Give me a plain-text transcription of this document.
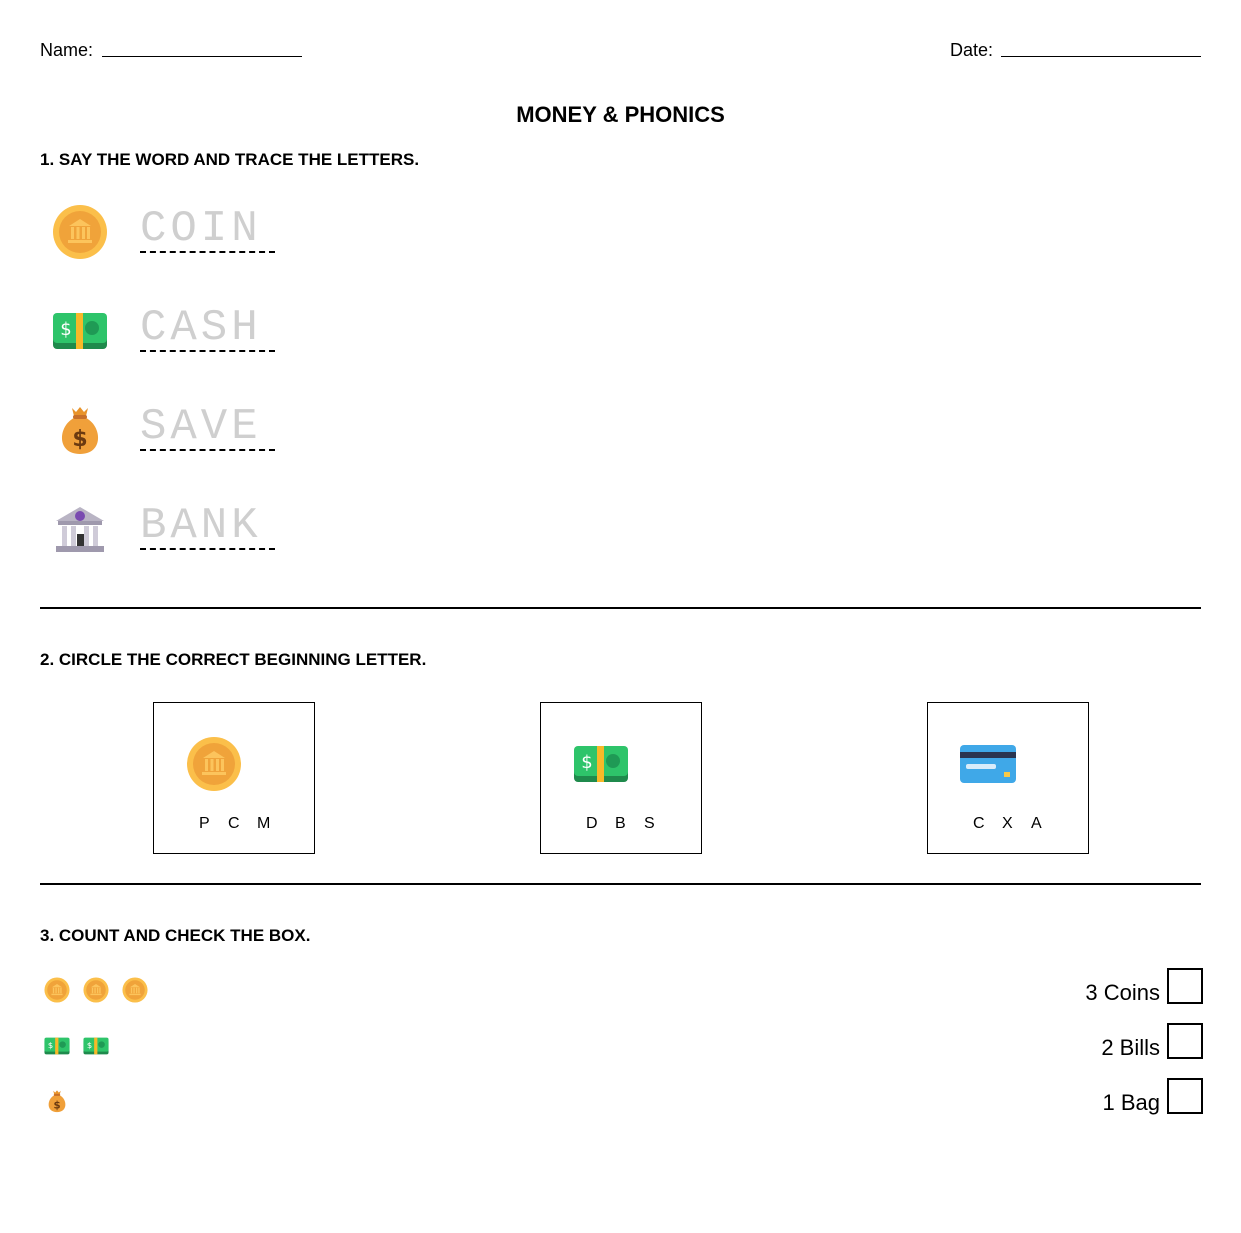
Name:	Date:
MONEY & PHONICS
1. SAY THE WORD AND TRACE THE LETTERS.
COIN
CASH
SAVE
BANK
2. CIRCLE THE CORRECT BEGINNING LETTER.
P C M	D B S	C X A
3. COUNT AND CHECK THE BOX.
3 Coins
2 Bills
1 Bag
